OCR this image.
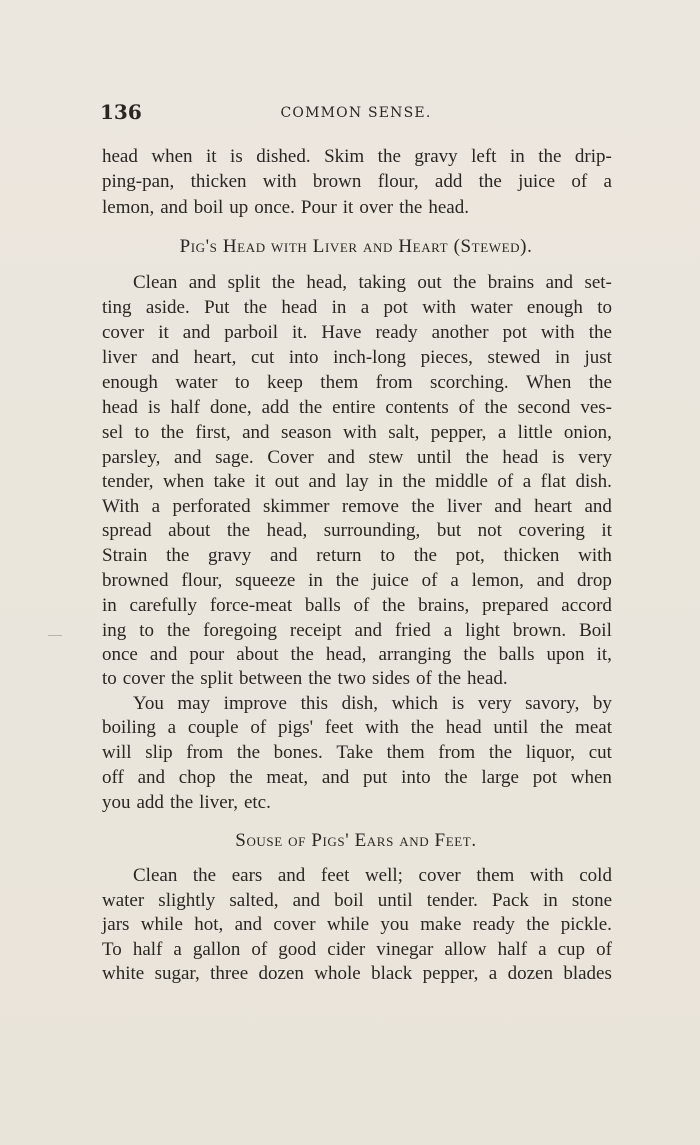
136	COMMON SENSE.
head when it is dished. Skim the gravy left in the drip-
ping-pan, thicken with brown flour, add the juice of a
lemon, and boil up once. Pour it over the head.
Pig's Head with Liver and Heart (Stewed).
Clean and split the head, taking out the brains and set-
ting aside. Put the head in a pot with water enough to
cover it and parboil it. Have ready another pot with the
liver and heart, cut into inch-long pieces, stewed in just
enough water to keep them from scorching. When the
head is half done, add the entire contents of the second ves-
sel to the first, and season with salt, pepper, a little onion,
parsley, and sage. Cover and stew until the head is very
tender, when take it out and lay in the middle of a flat dish.
With a perforated skimmer remove the liver and heart and
spread about the head, surrounding, but not covering it
Strain the gravy and return to the pot, thicken with
browned flour, squeeze in the juice of a lemon, and drop
in carefully force-meat balls of the brains, prepared accord
ing to the foregoing receipt and fried a light brown. Boil
once and pour about the head, arranging the balls upon it,
to cover the split between the two sides of the head.
You may improve this dish, which is very savory, by
boiling a couple of pigs' feet with the head until the meat
will slip from the bones. Take them from the liquor, cut
off and chop the meat, and put into the large pot when
you add the liver, etc.
Souse of Pigs' Ears and Feet.
Clean the ears and feet well; cover them with cold
water slightly salted, and boil until tender. Pack in stone
jars while hot, and cover while you make ready the pickle.
To half a gallon of good cider vinegar allow half a cup of
white sugar, three dozen whole black pepper, a dozen blades
